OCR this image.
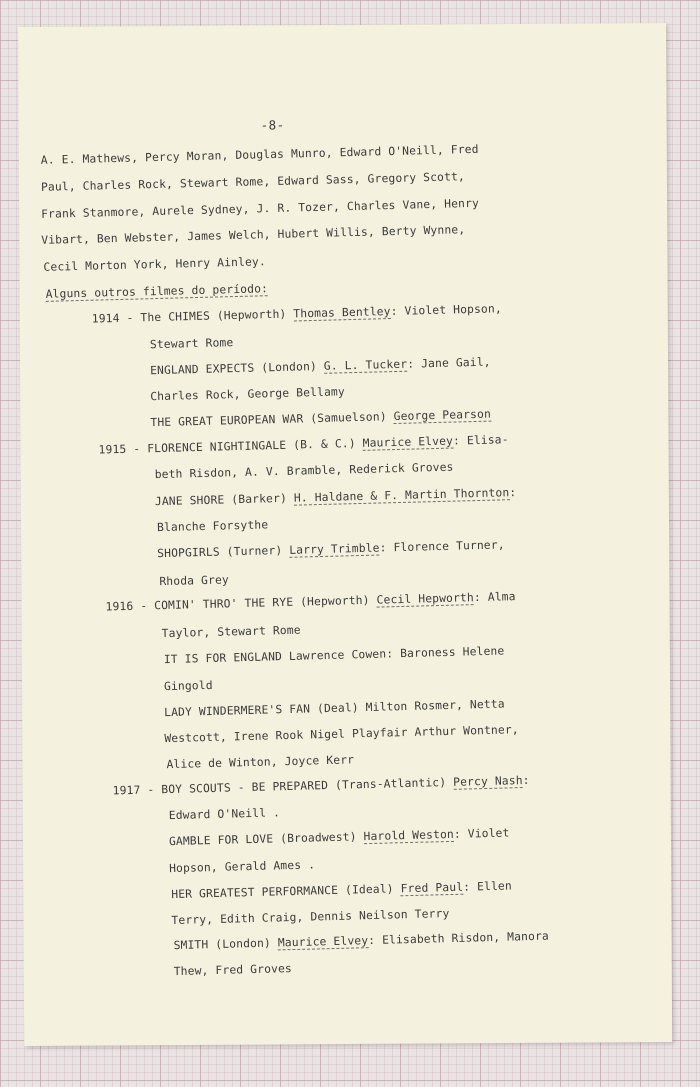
-8-
A. E. Mathews, Percy Moran, Douglas Munro, Edward O'Neill, Fred
Paul, Charles Rock, Stewart Rome, Edward Sass, Gregory Scott,
Frank Stanmore, Aurele Sydney, J. R. Tozer, Charles Vane, Henry
Vibart, Ben Webster, James Welch, Hubert Willis, Berty Wynne,
Cecil Morton York, Henry Ainley.
Alguns outros filmes do período:
1914 - The CHIMES (Hepworth) Thomas Bentley: Violet Hopson,
Stewart Rome
ENGLAND EXPECTS (London) G. L. Tucker: Jane Gail,
Charles Rock, George Bellamy
THE GREAT EUROPEAN WAR (Samuelson) George Pearson
1915 - FLORENCE NIGHTINGALE (B. & C.) Maurice Elvey: Elisa-
beth Risdon, A. V. Bramble, Rederick Groves
JANE SHORE (Barker) H. Haldane & F. Martin Thornton:
Blanche Forsythe
SHOPGIRLS (Turner) Larry Trimble: Florence Turner,
Rhoda Grey
1916 - COMIN' THRO' THE RYE (Hepworth) Cecil Hepworth: Alma
Taylor, Stewart Rome
IT IS FOR ENGLAND Lawrence Cowen: Baroness Helene
Gingold
LADY WINDERMERE'S FAN (Deal) Milton Rosmer, Netta
Westcott, Irene Rook Nigel Playfair Arthur Wontner,
Alice de Winton, Joyce Kerr
1917 - BOY SCOUTS - BE PREPARED (Trans-Atlantic) Percy Nash:
Edward O'Neill .
GAMBLE FOR LOVE (Broadwest) Harold Weston: Violet
Hopson, Gerald Ames .
HER GREATEST PERFORMANCE (Ideal) Fred Paul: Ellen
Terry, Edith Craig, Dennis Neilson Terry
SMITH (London) Maurice Elvey: Elisabeth Risdon, Manora
Thew, Fred Groves
